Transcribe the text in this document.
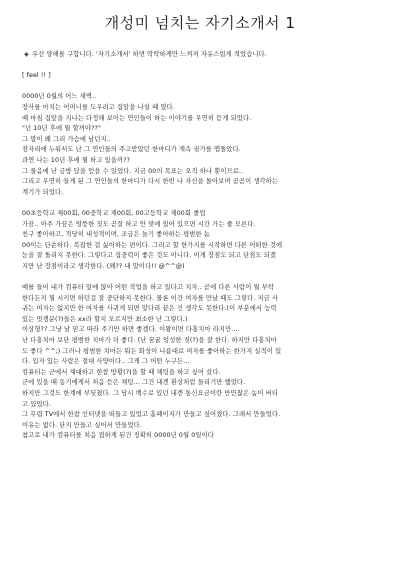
개성미 넘치는 자기소개서 1
◈ 우선 양해를 구합니다. '자기소개서' 하면 딱딱하게만 느껴져 자유스럽게 적었습니다.
[ feel !! ]
0000년 0월의 어느 새벽..
장사를 마치는 어머니를 도우려고 집앞을 나설 때 였다.
때 마침 집앞을 지나는 다정해 보이는 연인들이 하는 이야기를 우연히 듣게 되었다.
"넌 10년 후에 뭘 할꺼야??"
그 말이 왜 그리 가슴에 남던지..
잠자리에 누워서도 난 그 연인들의 주고받았던 한마디가 계속 귓가를 맴돌았다.
과연 나는 10년 후에 뭘 하고 있을까??
그 물음에 난 금방 답을 얻을 수 있었다. 지금 00의 목표는 오직 하나 뿐이므로..
그리고 우연히 들게 된 그 연인들의 한마디가 다시 한번 나 자신을 돌아보며 곰곰이 생각하는
계기가 되었다.
00초등학교 제00회, 00중학교 제00회, 00고등학교 제00회 졸업
가끔.. 아주 가끔은 엉뚱한 짓도 곧잘 하고 안 맞에 있어 있으면 시간 가는 줄 모른다.
친구 좋아하고, 적당히 내성적이며, 조금은 놀기 좋아하는 평범한 놈
00이는 단순하다. 복잡한 걸 싫어하는 편이다. 그리고 할 한가지를 시작하면 다른 어떠한 것에
눈을 잘 돌리지 못한다. 그렇다고 집중력이 좋은 것도 아니다. 이게 장점도 되고 단점도 되겠
지만 난 장점이라고 생각한다. (왜?? 내 말이다!! @^^@)
예를 들어 내가 컴퓨터 앞에 앉아 어떤 작업을 하고 있다고 치자.. 곧에 다른 사람이 뭘 부탁
한다든지 뭘 시키면 하던걸 잘 중단하지 못한다. 물론 이건 여자를 만날 때도 그렇다. 지금 사
귀는 여자는 없지만 한 여자를 사귀게 되면 앞다리 끝은 건 생각도 못한다.(이 부분에서 능력
있는 멋쟁분(?)들은 xx라 할지 모르지만 최소한 난 그렇다.)
이상형?? 그냥 날 믿고 따라 주기만 하면 좋겠다. 이왕이면 다홍치마 라지만....
난 다홍치마 보단 평범한 치마가 더 좋다. (난 꿈꿀 엉성한 짓(?)을 잘 한다. 하지만 다홍치마
도 좋다 ^^;) 그러나 평범한 치마든 뭐든 화성이 나름대로 여자를 좋아하는 한가지 실적이 있
다. 입자 있는 사람은 절대 사양이다.. 그게 그 어떤 누구든...
컴퓨터는 군에서 제대하고 한참 방황(?)을 할 때 채팅을 하고 싶어 샀다.
군에 있을 때 동기에게서 처음 듣은 채팅... 그건 내겐 환상처럼 들리기만 했었다.
하지만 그것도 한계에 부딪쳤다. 그 당시 백수로 있던 내겐 통신요금이란 만만찮은 놈이 버티
고 있었다.
그 무렵 TV에서 한참 인터넷을 떠들고 있었고 홈페이지가 만들고 싶어졌다. 그래서 만들었다.
이유는 없다. 단지 만들고 싶어서 만들었다.
참고로 내가 컴퓨터를 처음 접하게 된건 정확히 0000년 0월 0일이다
